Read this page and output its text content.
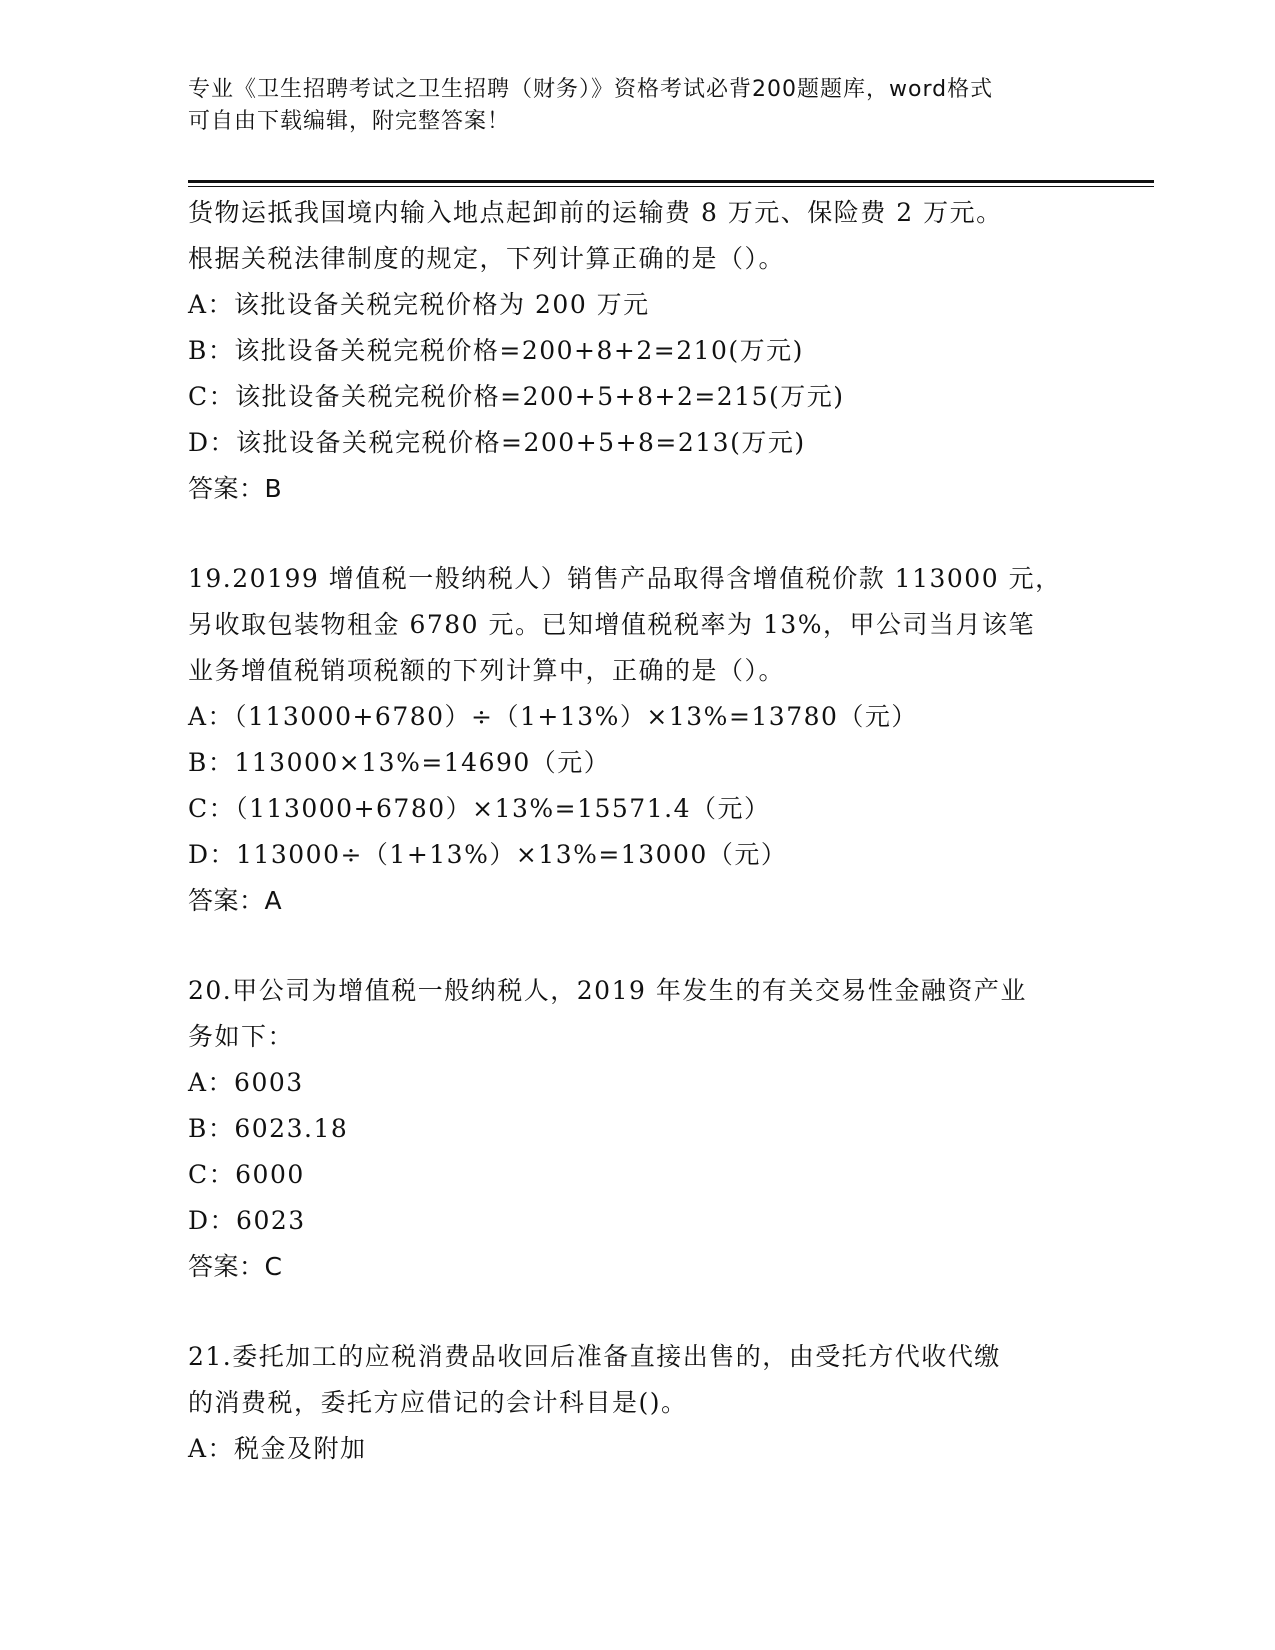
专业《卫生招聘考试之卫生招聘（财务）》资格考试必背200题题库，word格式
可自由下载编辑，附完整答案！
货物运抵我国境内输入地点起卸前的运输费 8 万元、保险费 2 万元。
根据关税法律制度的规定，下列计算正确的是（）。
A：该批设备关税完税价格为 200 万元
B：该批设备关税完税价格=200+8+2=210(万元)
C：该批设备关税完税价格=200+5+8+2=215(万元)
D：该批设备关税完税价格=200+5+8=213(万元)
答案：B
19.20199 增值税一般纳税人）销售产品取得含增值税价款 113000 元，
另收取包装物租金 6780 元。已知增值税税率为 13%，甲公司当月该笔
业务增值税销项税额的下列计算中，正确的是（）。
A：（113000+6780）÷（1+13%）×13%=13780（元）
B：113000×13%=14690（元）
C：（113000+6780）×13%=15571.4（元）
D：113000÷（1+13%）×13%=13000（元）
答案：A
20.甲公司为增值税一般纳税人，2019 年发生的有关交易性金融资产业
务如下：
A：6003
B：6023.18
C：6000
D：6023
答案：C
21.委托加工的应税消费品收回后准备直接出售的，由受托方代收代缴
的消费税，委托方应借记的会计科目是()。
A：税金及附加
